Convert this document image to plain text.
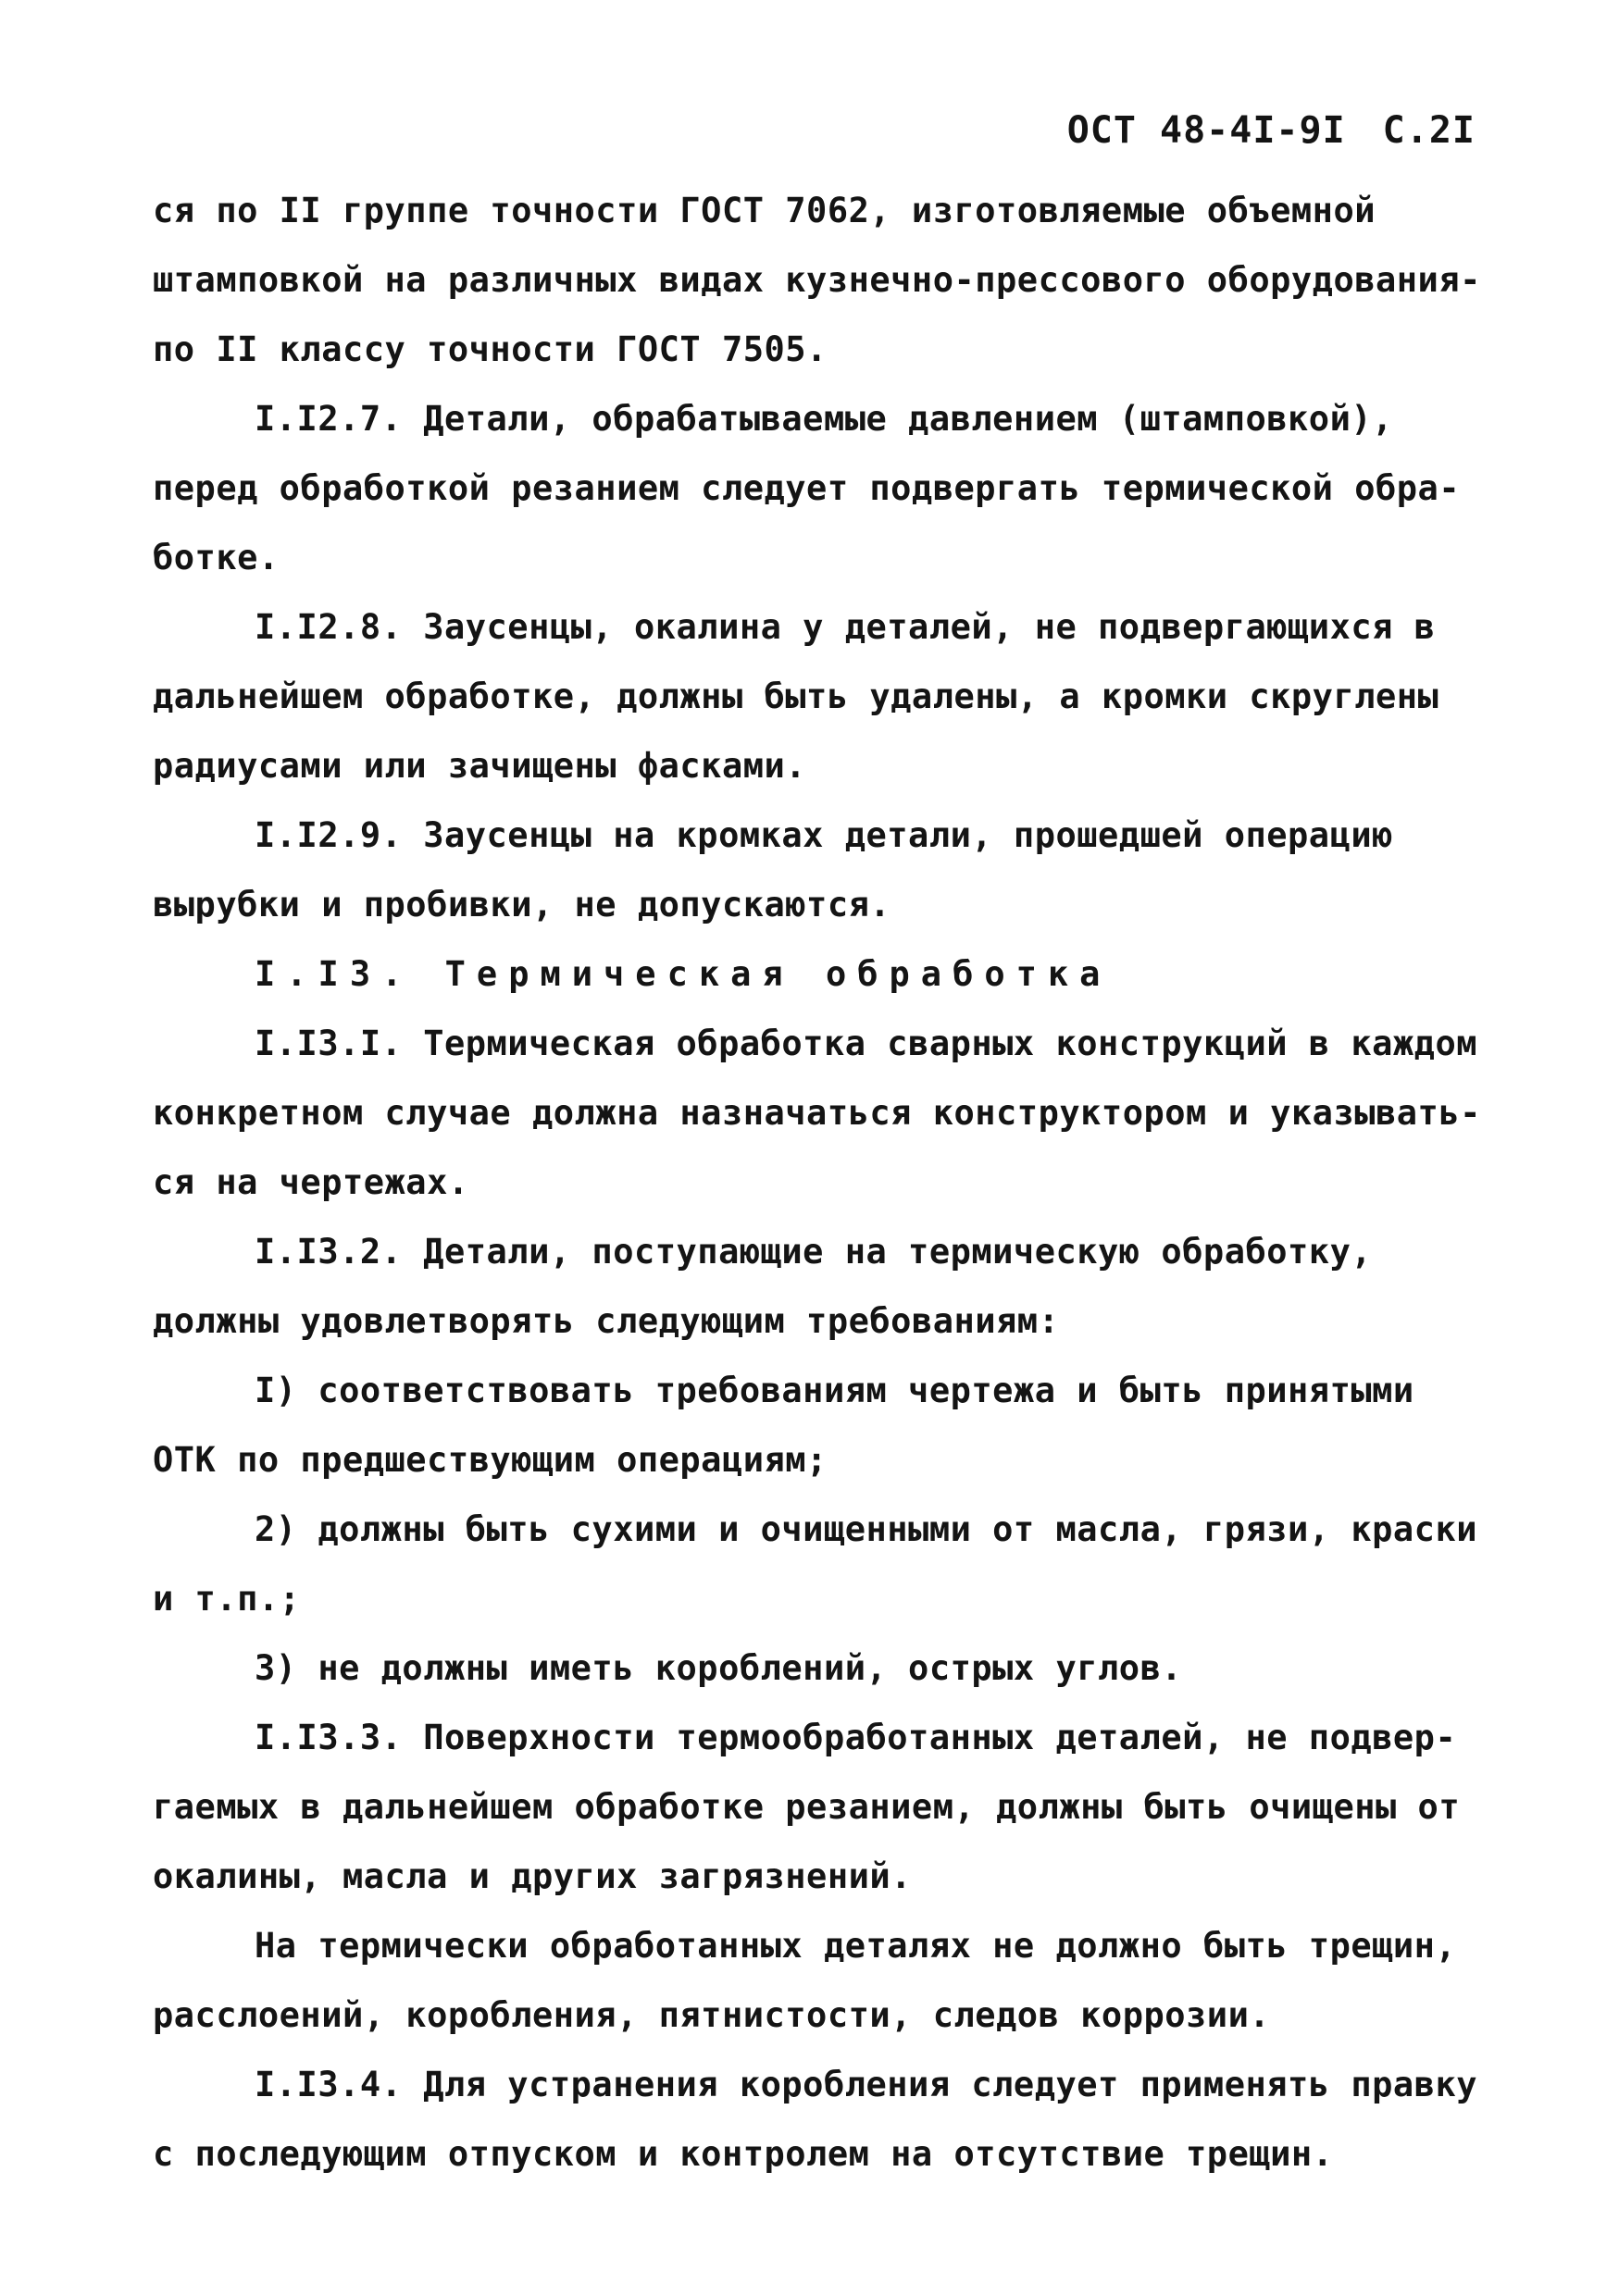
ОСТ 48-4I-9I С.2I
ся по II группе точности ГОСТ 7062, изготовляемые объемной
штамповкой на различных видах кузнечно-прессового оборудования-
по II классу точности ГОСТ 7505.
I.I2.7. Детали, обрабатываемые давлением (штамповкой),
перед обработкой резанием следует подвергать термической обра-
ботке.
I.I2.8. Заусенцы, окалина у деталей, не подвергающихся в
дальнейшем обработке, должны быть удалены, а кромки скруглены
радиусами или зачищены фасками.
I.I2.9. Заусенцы на кромках детали, прошедшей операцию
вырубки и пробивки, не допускаются.
I.I3. Термическая обработка
I.I3.I. Термическая обработка сварных конструкций в каждом
конкретном случае должна назначаться конструктором и указывать-
ся на чертежах.
I.I3.2. Детали, поступающие на термическую обработку,
должны удовлетворять следующим требованиям:
I) соответствовать требованиям чертежа и быть принятыми
ОТК по предшествующим операциям;
2) должны быть сухими и очищенными от масла, грязи, краски
и т.п.;
3) не должны иметь короблений, острых углов.
I.I3.3. Поверхности термообработанных деталей, не подвер-
гаемых в дальнейшем обработке резанием, должны быть очищены от
окалины, масла и других загрязнений.
На термически обработанных деталях не должно быть трещин,
расслоений, коробления, пятнистости, следов коррозии.
I.I3.4. Для устранения коробления следует применять правку
с последующим отпуском и контролем на отсутствие трещин.
